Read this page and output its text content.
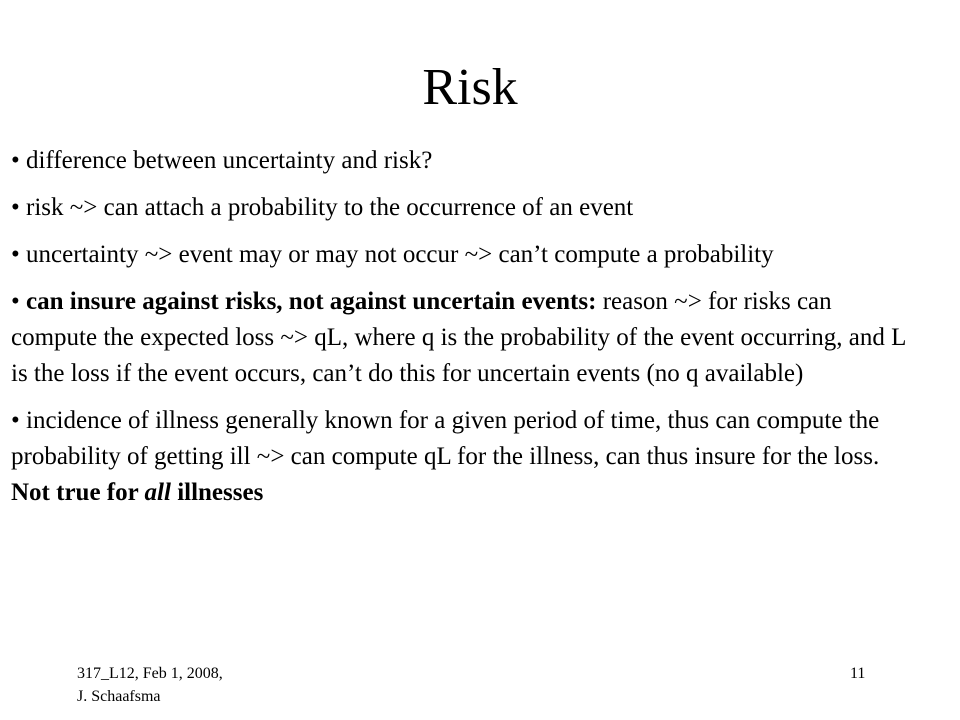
Risk
• difference between uncertainty and risk?
• risk ~> can attach a probability to the occurrence of an event
• uncertainty ~> event may or may not occur ~> can’t compute a probability
• can insure against risks, not against uncertain events: reason ~> for risks can compute the expected loss ~> qL, where q is the probability of the event occurring, and L is the loss if the event occurs, can’t do this for uncertain events (no q available)
• incidence of illness generally known for a given period of time, thus can compute the probability of getting ill ~> can compute qL for the illness, can thus insure for the loss. Not true for all illnesses
317_L12, Feb 1, 2008,
J. Schaafsma
11
